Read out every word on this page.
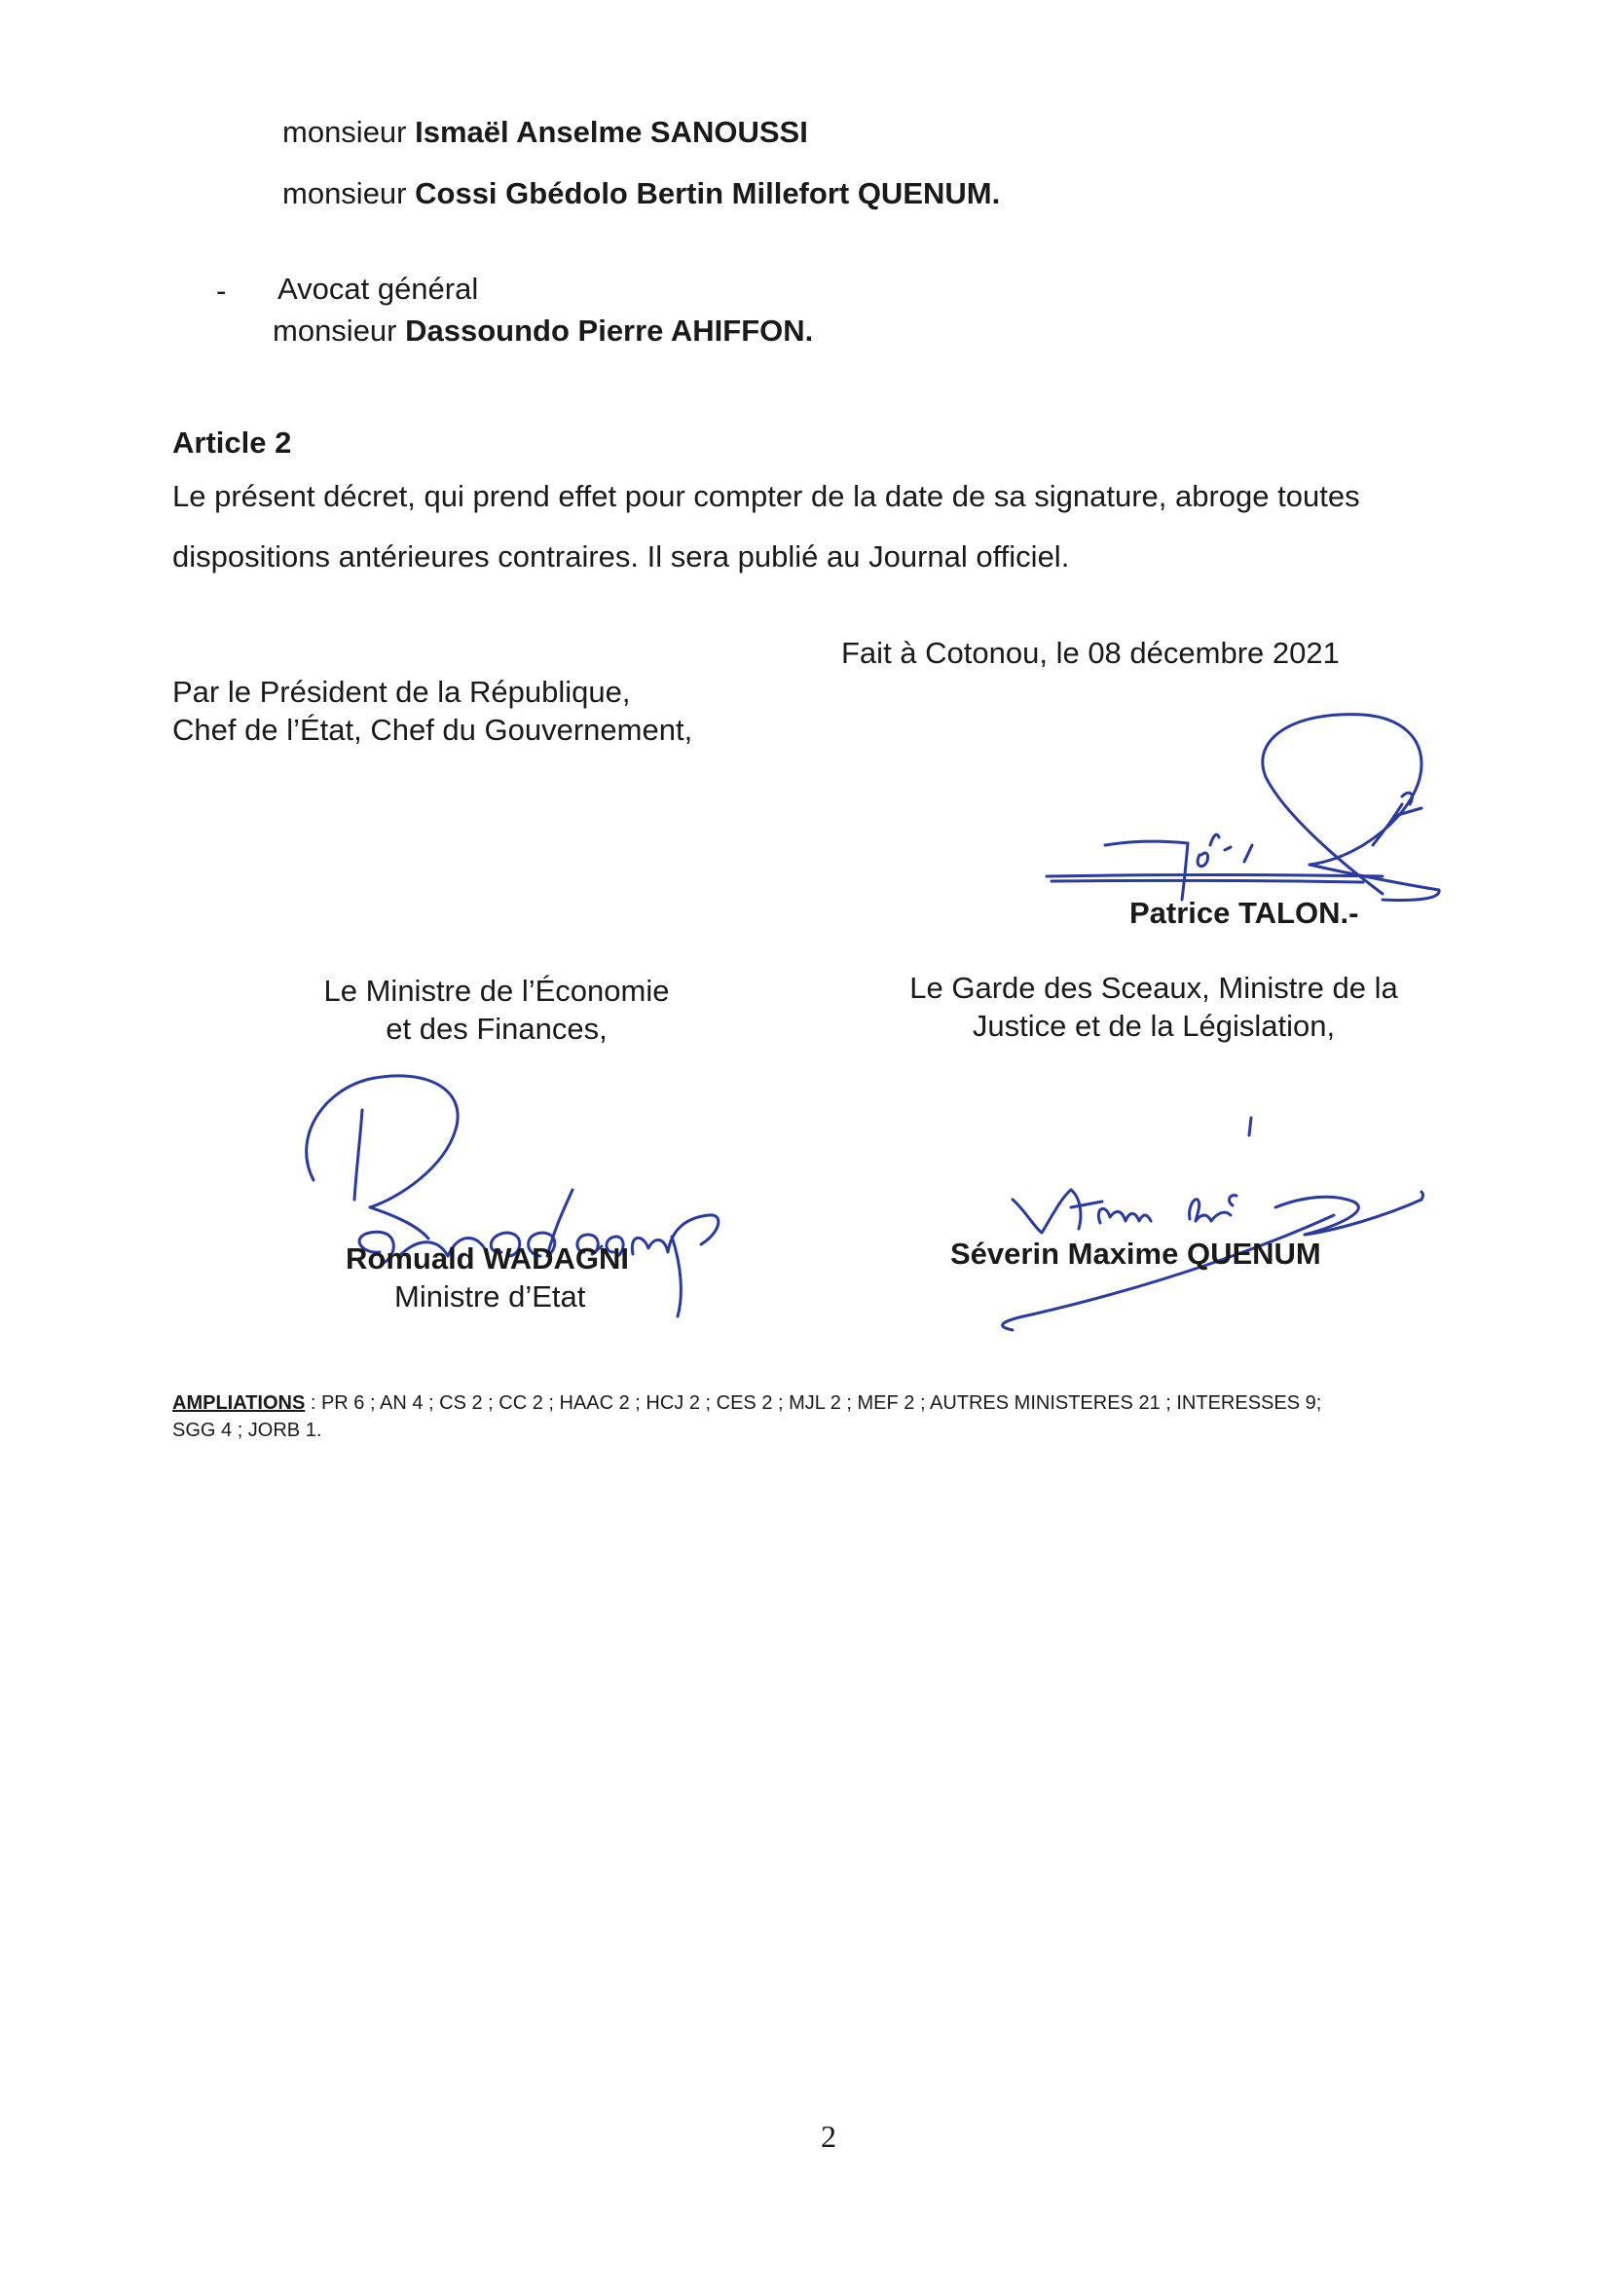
monsieur Ismaël Anselme SANOUSSI
monsieur Cossi Gbédolo Bertin Millefort QUENUM.
- Avocat général
monsieur Dassoundo Pierre AHIFFON.
Article 2
Le présent décret, qui prend effet pour compter de la date de sa signature, abroge toutes
dispositions antérieures contraires. Il sera publié au Journal officiel.
Fait à Cotonou, le 08 décembre 2021
Par le Président de la République,
Chef de l’État, Chef du Gouvernement,
Patrice TALON.-
Le Ministre de l’Économie
et des Finances,
Romuald WADAGNI
Ministre d’Etat
Le Garde des Sceaux, Ministre de la
Justice et de la Législation,
Séverin Maxime QUENUM
AMPLIATIONS : PR 6 ; AN 4 ; CS 2 ; CC 2 ; HAAC 2 ; HCJ 2 ; CES 2 ; MJL 2 ; MEF 2 ; AUTRES MINISTERES 21 ; INTERESSES 9;
SGG 4 ; JORB 1.
2
